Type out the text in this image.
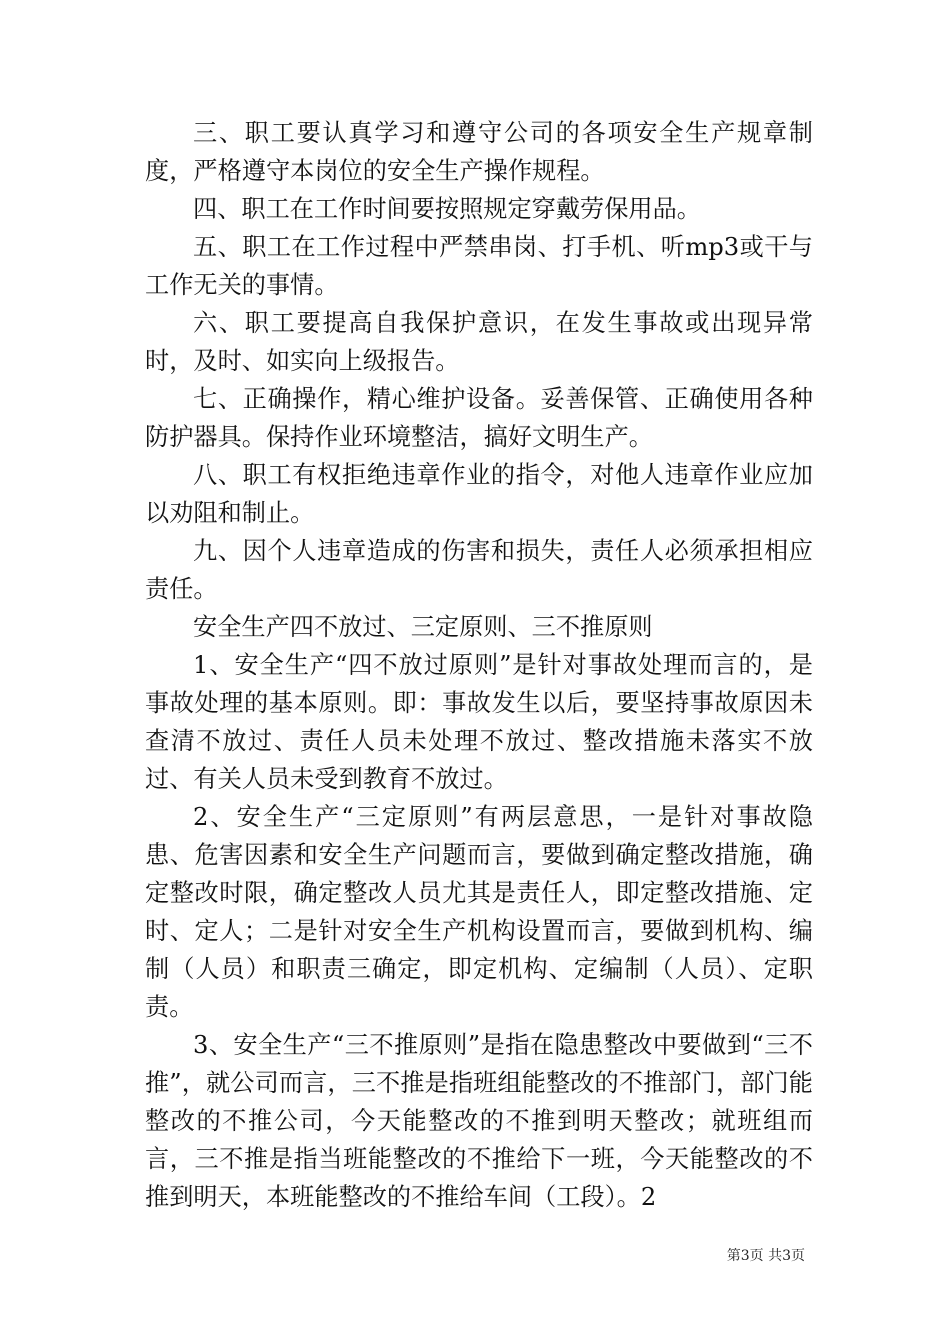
三、职工要认真学习和遵守公司的各项安全生产规章制度，严格遵守本岗位的安全生产操作规程。

四、职工在工作时间要按照规定穿戴劳保用品。

五、职工在工作过程中严禁串岗、打手机、听mp3或干与工作无关的事情。

六、职工要提高自我保护意识，在发生事故或出现异常时，及时、如实向上级报告。

七、正确操作，精心维护设备。妥善保管、正确使用各种防护器具。保持作业环境整洁，搞好文明生产。

八、职工有权拒绝违章作业的指令，对他人违章作业应加以劝阻和制止。

九、因个人违章造成的伤害和损失，责任人必须承担相应责任。

安全生产四不放过、三定原则、三不推原则

1、安全生产“四不放过原则”是针对事故处理而言的，是事故处理的基本原则。即：事故发生以后，要坚持事故原因未查清不放过、责任人员未处理不放过、整改措施未落实不放过、有关人员未受到教育不放过。

2、安全生产“三定原则”有两层意思，一是针对事故隐患、危害因素和安全生产问题而言，要做到确定整改措施，确定整改时限，确定整改人员尤其是责任人，即定整改措施、定时、定人；二是针对安全生产机构设置而言，要做到机构、编制（人员）和职责三确定，即定机构、定编制（人员）、定职责。

3、安全生产“三不推原则”是指在隐患整改中要做到“三不推”，就公司而言，三不推是指班组能整改的不推部门，部门能整改的不推公司，今天能整改的不推到明天整改；就班组而言，三不推是指当班能整改的不推给下一班，今天能整改的不推到明天，本班能整改的不推给车间（工段）。2

第3页 共3页
